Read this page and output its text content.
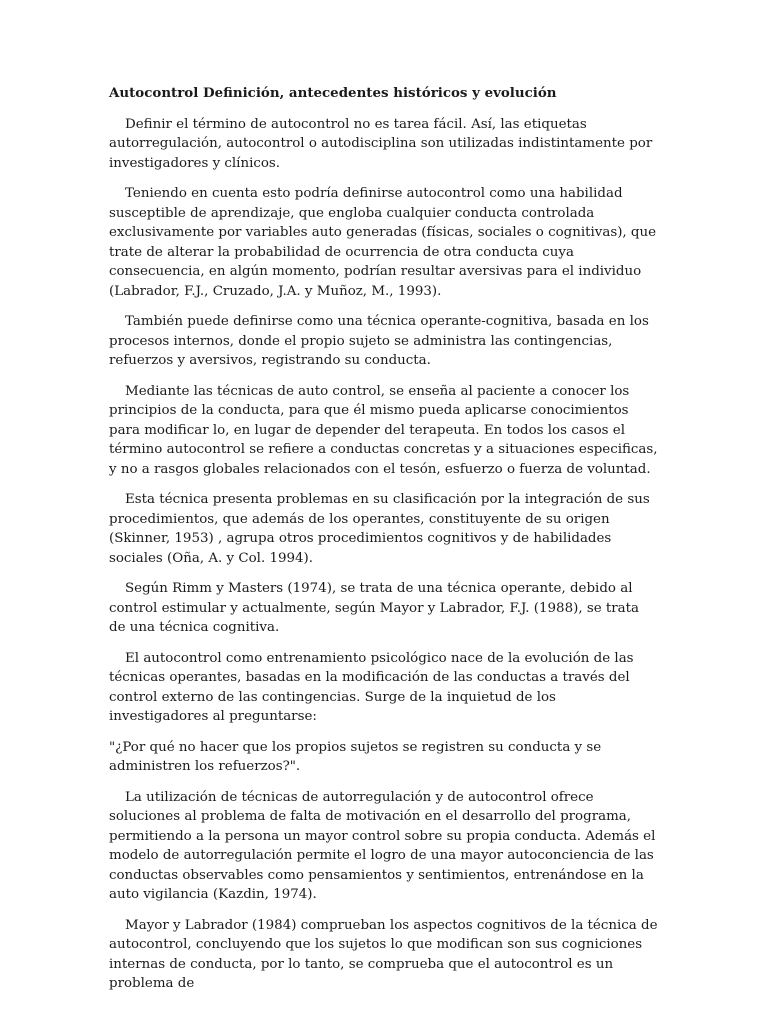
Autocontrol Definición, antecedentes históricos y evolución

Definir el término de autocontrol no es tarea fácil. Así, las etiquetas autorregulación, autocontrol o autodisciplina son utilizadas indistintamente por investigadores y clínicos.

Teniendo en cuenta esto podría definirse autocontrol como una habilidad susceptible de aprendizaje, que engloba cualquier conducta controlada exclusivamente por variables auto generadas (físicas, sociales o cognitivas), que trate de alterar la probabilidad de ocurrencia de otra conducta cuya consecuencia, en algún momento, podrían resultar aversivas para el individuo (Labrador, F.J., Cruzado, J.A. y Muñoz, M., 1993).

También puede definirse como una técnica operante-cognitiva, basada en los procesos internos, donde el propio sujeto se administra las contingencias, refuerzos y aversivos, registrando su conducta.

Mediante las técnicas de auto control, se enseña al paciente a conocer los principios de la conducta, para que él mismo pueda aplicarse conocimientos para modificar lo, en lugar de depender del terapeuta. En todos los casos el término autocontrol se refiere a conductas concretas y a situaciones especificas, y no a rasgos globales relacionados con el tesón, esfuerzo o fuerza de voluntad.

Esta técnica presenta problemas en su clasificación por la integración de sus procedimientos, que además de los operantes, constituyente de su origen (Skinner, 1953) , agrupa otros procedimientos cognitivos y de habilidades sociales (Oña, A. y Col. 1994).

Según Rimm y Masters (1974), se trata de una técnica operante, debido al control estimular y actualmente, según Mayor y Labrador, F.J. (1988), se trata de una técnica cognitiva.

El autocontrol como entrenamiento psicológico nace de la evolución de las técnicas operantes, basadas en la modificación de las conductas a través del control externo de las contingencias. Surge de la inquietud de los investigadores al preguntarse:

"¿Por qué no hacer que los propios sujetos se registren su conducta y se administren los refuerzos?".

La utilización de técnicas de autorregulación y de autocontrol ofrece soluciones al problema de falta de motivación en el desarrollo del programa, permitiendo a la persona un mayor control sobre su propia conducta. Además el modelo de autorregulación permite el logro de una mayor autoconciencia de las conductas observables como pensamientos y sentimientos, entrenándose en la auto vigilancia (Kazdin, 1974).

Mayor y Labrador (1984) comprueban los aspectos cognitivos de la técnica de autocontrol, concluyendo que los sujetos lo que modifican son sus cogniciones internas de conducta, por lo tanto, se comprueba que el autocontrol es un problema de
